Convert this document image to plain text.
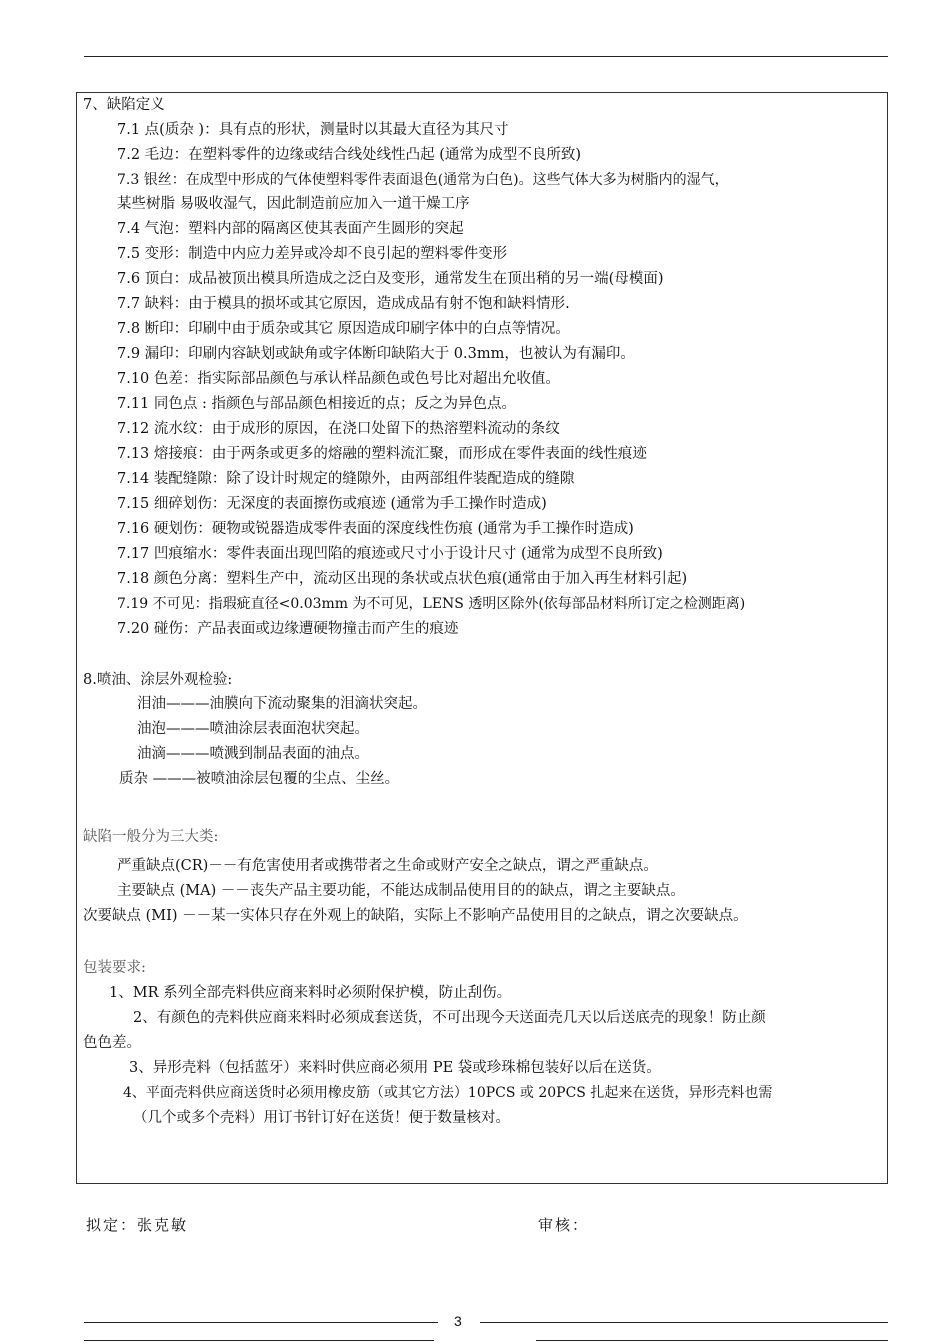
7、缺陷定义
7.1 点(质杂 )：具有点的形状，测量时以其最大直径为其尺寸
7.2 毛边：在塑料零件的边缘或结合线处线性凸起 (通常为成型不良所致)
7.3 银丝：在成型中形成的气体使塑料零件表面退色(通常为白色)。这些气体大多为树脂内的湿气，
某些树脂 易吸收湿气，因此制造前应加入一道干燥工序
7.4 气泡：塑料内部的隔离区使其表面产生圆形的突起
7.5 变形：制造中内应力差异或冷却不良引起的塑料零件变形
7.6 顶白：成品被顶出模具所造成之泛白及变形，通常发生在顶出稍的另一端(母模面)
7.7 缺料：由于模具的损坏或其它原因，造成成品有射不饱和缺料情形.
7.8 断印：印刷中由于质杂或其它 原因造成印刷字体中的白点等情况。
7.9 漏印：印刷内容缺划或缺角或字体断印缺陷大于 0.3mm，也被认为有漏印。
7.10 色差：指实际部品颜色与承认样品颜色或色号比对超出允收值。
7.11 同色点 : 指颜色与部品颜色相接近的点；反之为异色点。
7.12 流水纹：由于成形的原因，在浇口处留下的热溶塑料流动的条纹
7.13 熔接痕：由于两条或更多的熔融的塑料流汇聚，而形成在零件表面的线性痕迹
7.14 装配缝隙：除了设计时规定的缝隙外，由两部组件装配造成的缝隙
7.15 细碎划伤：无深度的表面擦伤或痕迹 (通常为手工操作时造成)
7.16 硬划伤：硬物或锐器造成零件表面的深度线性伤痕 (通常为手工操作时造成)
7.17 凹痕缩水：零件表面出现凹陷的痕迹或尺寸小于设计尺寸 (通常为成型不良所致)
7.18 颜色分离：塑料生产中，流动区出现的条状或点状色痕(通常由于加入再生材料引起)
7.19 不可见：指瑕疵直径<0.03mm 为不可见，LENS 透明区除外(依每部品材料所订定之检测距离)
7.20 碰伤：产品表面或边缘遭硬物撞击而产生的痕迹
8.喷油、涂层外观检验:
泪油———油膜向下流动聚集的泪滴状突起。
油泡———喷油涂层表面泡状突起。
油滴———喷溅到制品表面的油点。
质杂 ———被喷油涂层包覆的尘点、尘丝。
缺陷一般分为三大类:
严重缺点(CR)－－有危害使用者或携带者之生命或财产安全之缺点，谓之严重缺点。
主要缺点 (MA) －－丧失产品主要功能，不能达成制品使用目的的缺点，谓之主要缺点。
次要缺点 (MI) －－某一实体只存在外观上的缺陷，实际上不影响产品使用目的之缺点，谓之次要缺点。
包装要求:
1、MR 系列全部壳料供应商来料时必须附保护模，防止刮伤。
2、有颜色的壳料供应商来料时必须成套送货，不可出现今天送面壳几天以后送底壳的现象！防止颜
色色差。
3、异形壳料（包括蓝牙）来料时供应商必须用 PE 袋或珍珠棉包装好以后在送货。
4、平面壳料供应商送货时必须用橡皮筋（或其它方法）10PCS 或 20PCS 扎起来在送货，异形壳料也需
（几个或多个壳料）用订书针订好在送货！便于数量核对。
拟定：张克敏	审核：
3
